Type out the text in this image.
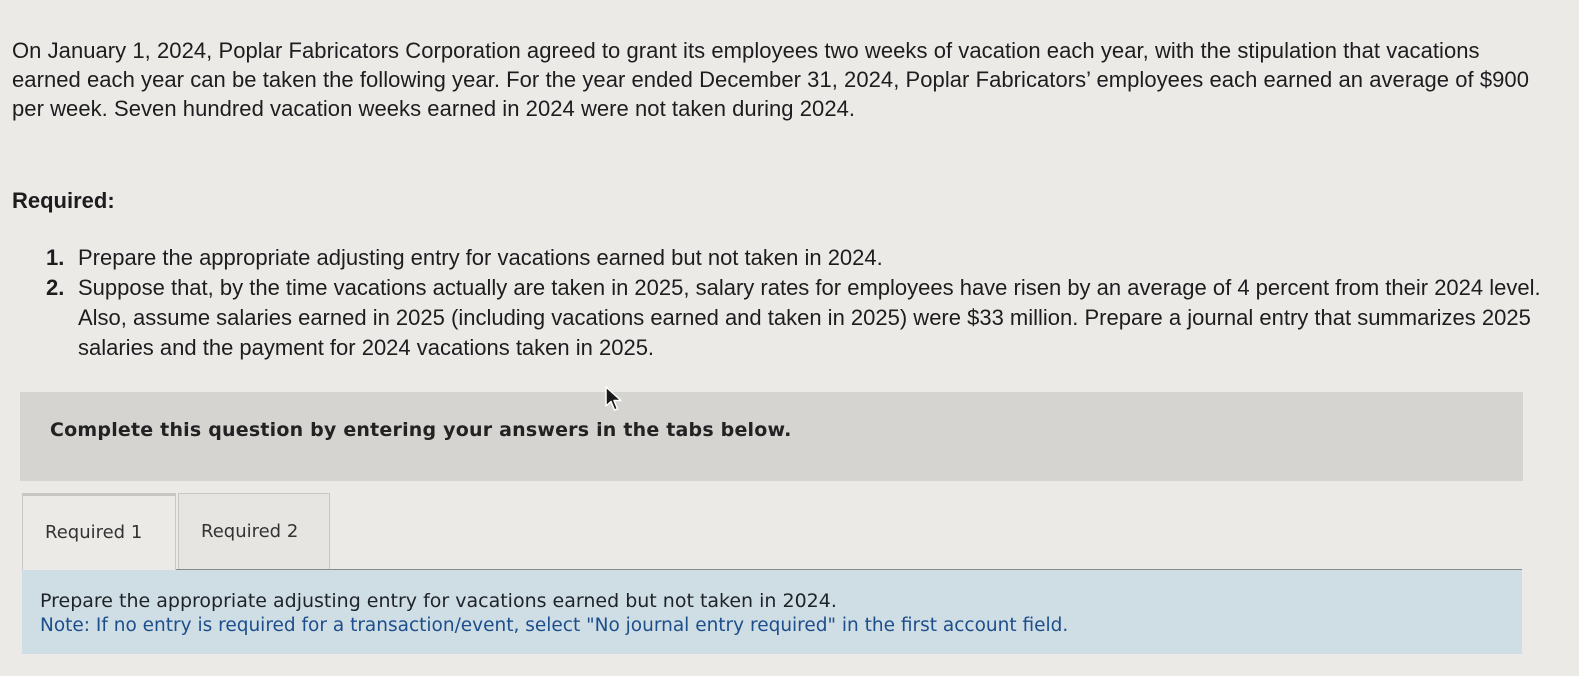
On January 1, 2024, Poplar Fabricators Corporation agreed to grant its employees two weeks of vacation each year, with the stipulation that vacations earned each year can be taken the following year. For the year ended December 31, 2024, Poplar Fabricators’ employees each earned an average of $900 per week. Seven hundred vacation weeks earned in 2024 were not taken during 2024.

Required:
1. Prepare the appropriate adjusting entry for vacations earned but not taken in 2024.
2. Suppose that, by the time vacations actually are taken in 2025, salary rates for employees have risen by an average of 4 percent from their 2024 level. Also, assume salaries earned in 2025 (including vacations earned and taken in 2025) were $33 million. Prepare a journal entry that summarizes 2025 salaries and the payment for 2024 vacations taken in 2025.

Complete this question by entering your answers in the tabs below.

Required 1	Required 2

Prepare the appropriate adjusting entry for vacations earned but not taken in 2024.

Note: If no entry is required for a transaction/event, select "No journal entry required" in the first account field.
